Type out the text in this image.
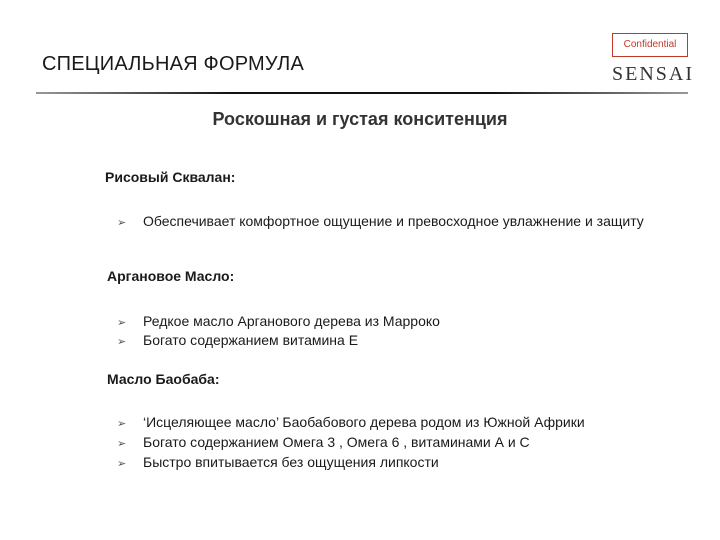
СПЕЦИАЛЬНАЯ ФОРМУЛА
Confidential
SENSAI
Роскошная и густая конситенция
Рисовый Сквалан:
➢ Обеспечивает комфортное ощущение и превосходное увлажнение и защиту
Аргановое Масло:
➢ Редкое масло Арганового дерева из Марроко
➢ Богато содержанием витамина Е
Масло Баобаба:
➢ ‘Исцеляющее масло’ Баобабового дерева родом из Южной Африки
➢ Богато содержанием Омега 3 , Омега 6 , витаминами А и С
➢ Быстро впитывается без ощущения липкости
